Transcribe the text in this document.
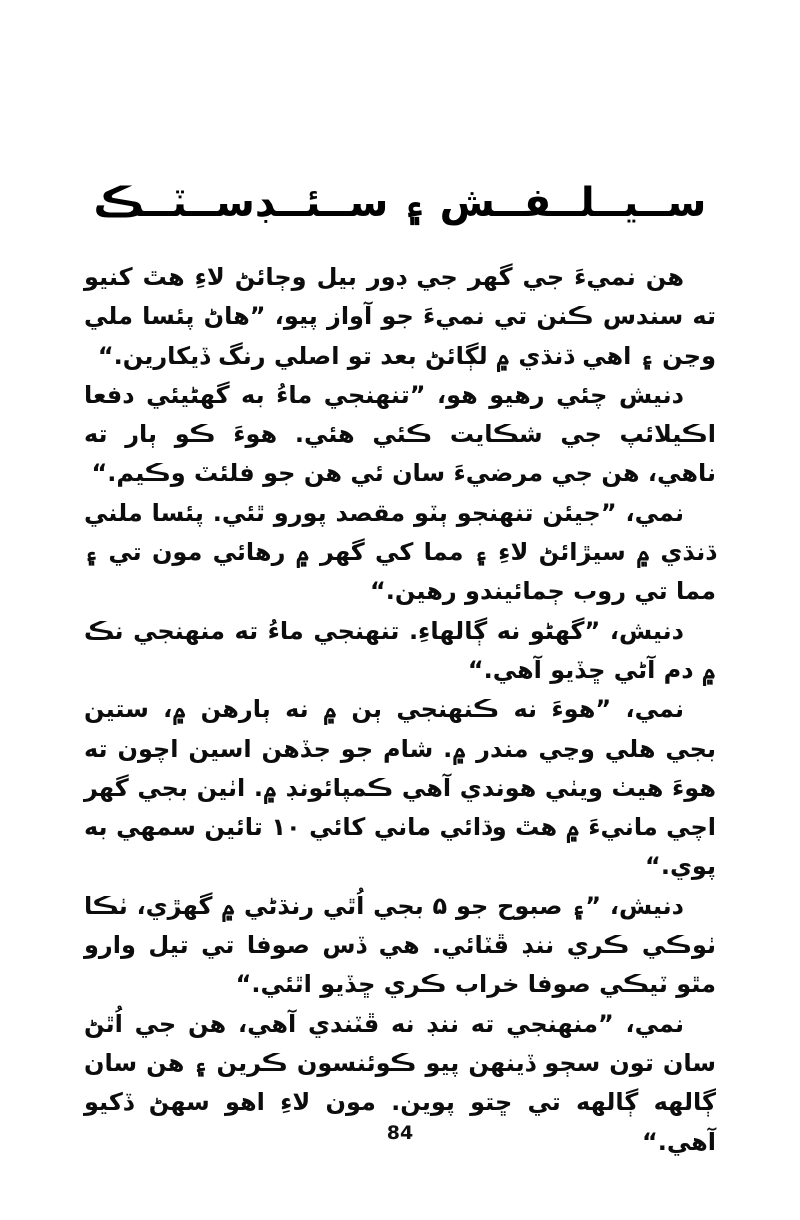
ســيــلــفــش ۽ ســئــڊســٽــڪ

هن نميءَ جي گهر جي ڊور بيل وڄائڻ لاءِ هٿ کنيو ته سندس ڪنن تي نميءَ جو آواز پيو، ”هاڻ پئسا ملي وڃن ۽ اهي ڌنڌي ۾ لڳائڻ بعد تو اصلي رنگ ڏيکارين.“

دنيش چئي رهيو هو، ”تنهنجي ماءُ به گهڻيئي دفعا اڪيلائپ جي شڪايت ڪئي هئي. هوءَ ڪو ٻار ته ناهي، هن جي مرضيءَ سان ئي هن جو فلئٽ وڪيم.“

نمي، ”جيئن تنهنجو ٻٽو مقصد پورو ٿئي. پئسا ملني ڌنڌي ۾ سيڙائڻ لاءِ ۽ مما کي گهر ۾ رهائي مون تي ۽ مما تي روب ڄمائيندو رهين.“

دنيش، ”گهڻو نه ڳالهاءِ. تنهنجي ماءُ ته منهنجي نڪ ۾ دم آڻي ڇڏيو آهي.“

نمي، ”هوءَ نه ڪنهنجي ٻن ۾ نه ٻارهن ۾، ستين بجي هلي وڃي مندر ۾. شام جو جڏهن اسين اچون ته هوءَ هيٺ ويٺي هوندي آهي ڪمپائونڊ ۾. اٺين بجي گهر اچي مانيءَ ۾ هٿ وڌائي ماني کائي ١٠ تائين سمهي به پوي.“

دنيش، ”۽ صبوح جو ۵ بجي اُٿي رنڌڻي ۾ گهڙي، ٺڪا ٺوڪي ڪري ننڊ ڦٽائي. هي ڏس صوفا تي تيل وارو مٿو ٽيڪي صوفا خراب ڪري ڇڏيو اٿئي.“

نمي، ”منهنجي ته ننڊ نه ڦٽندي آهي، هن جي اُٿڻ سان تون سڄو ڏينهن پيو ڪوئنسون ڪرين ۽ هن سان ڳالهه ڳالهه تي ڇتو پوين. مون لاءِ اهو سهڻ ڏکيو آهي.“

84
